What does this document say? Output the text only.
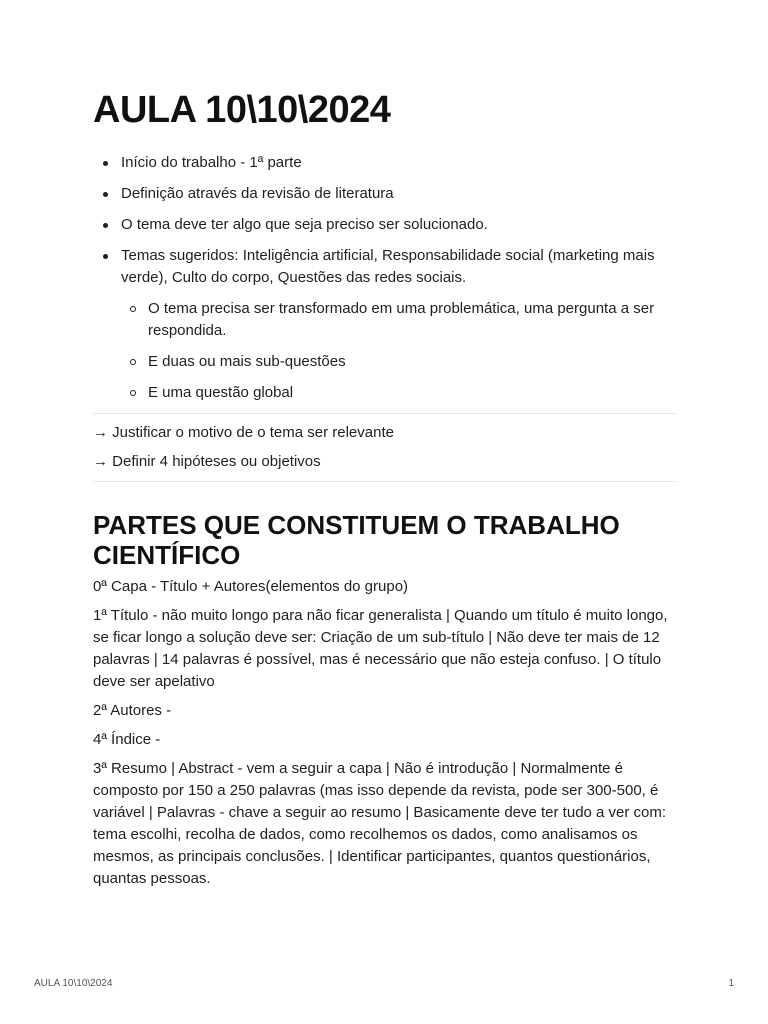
AULA 10\10\2024
Início do trabalho - 1ª parte
Definição através da revisão de literatura
O tema deve ter algo que seja preciso ser solucionado.
Temas sugeridos: Inteligência artificial, Responsabilidade social (marketing mais verde), Culto do corpo, Questões das redes sociais.
O tema precisa ser transformado em uma problemática, uma pergunta a ser respondida.
E duas ou mais sub-questões
E uma questão global
→ Justificar o motivo de o tema ser relevante
→ Definir 4 hipóteses ou objetivos
PARTES QUE CONSTITUEM O TRABALHO CIENTÍFICO

0ª Capa - Título + Autores(elementos do grupo)

1ª Título - não muito longo para não ficar generalista | Quando um título é muito longo, se ficar longo a solução deve ser: Criação de um sub-título | Não deve ter mais de 12 palavras | 14 palavras é possível, mas é necessário que não esteja confuso. | O título deve ser apelativo

2ª Autores -

4ª Índice -

3ª Resumo | Abstract - vem a seguir a capa | Não é introdução | Normalmente é composto por 150 a 250 palavras (mas isso depende da revista, pode ser 300-500, é variável | Palavras - chave a seguir ao resumo | Basicamente deve ter tudo a ver com: tema escolhi, recolha de dados, como recolhemos os dados, como analisamos os mesmos, as principais conclusões. | Identificar participantes, quantos questionários, quantas pessoas.

AULA 10\10\2024	1
